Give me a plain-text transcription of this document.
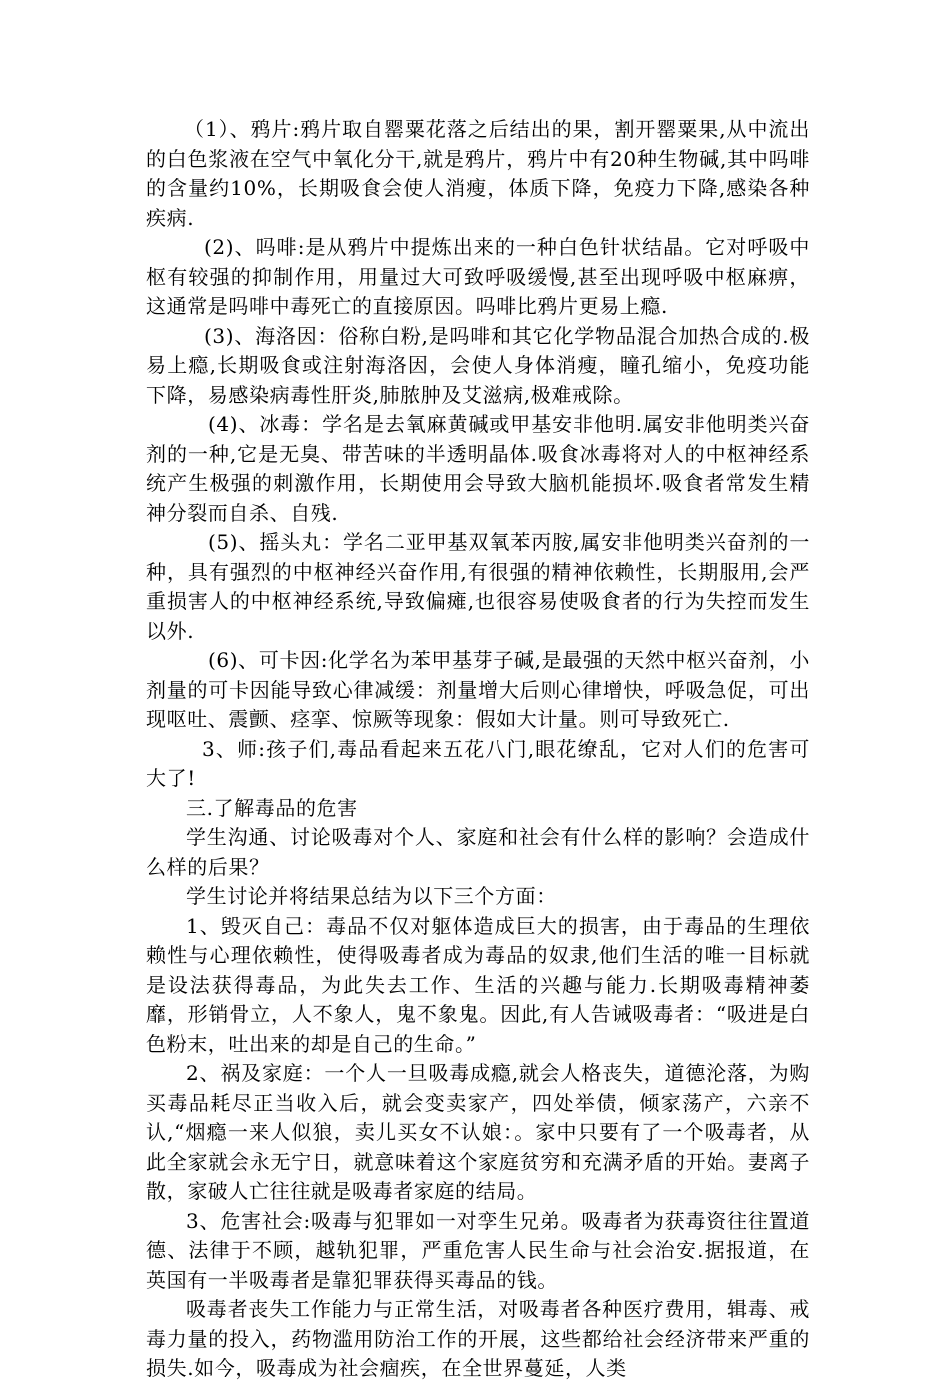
（1）、鸦片:鸦片取自罂粟花落之后结出的果，割开罂粟果,从中流出的白色浆液在空气中氧化分干,就是鸦片，鸦片中有20种生物碱,其中吗啡的含量约10%，长期吸食会使人消瘦，体质下降，免疫力下降,感染各种疾病.

(2)、吗啡:是从鸦片中提炼出来的一种白色针状结晶。它对呼吸中枢有较强的抑制作用，用量过大可致呼吸缓慢,甚至出现呼吸中枢麻痹，这通常是吗啡中毒死亡的直接原因。吗啡比鸦片更易上瘾.

(3)、海洛因：俗称白粉,是吗啡和其它化学物品混合加热合成的.极易上瘾,长期吸食或注射海洛因，会使人身体消瘦，瞳孔缩小，免疫功能下降，易感染病毒性肝炎,肺脓肿及艾滋病,极难戒除。

(4)、冰毒：学名是去氧麻黄碱或甲基安非他明.属安非他明类兴奋剂的一种,它是无臭、带苦味的半透明晶体.吸食冰毒将对人的中枢神经系统产生极强的刺激作用，长期使用会导致大脑机能损坏.吸食者常发生精神分裂而自杀、自残.

(5)、摇头丸：学名二亚甲基双氧苯丙胺,属安非他明类兴奋剂的一种，具有强烈的中枢神经兴奋作用,有很强的精神依赖性，长期服用,会严重损害人的中枢神经系统,导致偏瘫,也很容易使吸食者的行为失控而发生以外.

(6)、可卡因:化学名为苯甲基芽子碱,是最强的天然中枢兴奋剂，小剂量的可卡因能导致心律减缓：剂量增大后则心律增快，呼吸急促，可出现呕吐、震颤、痉挛、惊厥等现象：假如大计量。则可导致死亡.

3、师:孩子们,毒品看起来五花八门,眼花缭乱，它对人们的危害可大了!

三.了解毒品的危害

学生沟通、讨论吸毒对个人、家庭和社会有什么样的影响？会造成什么样的后果？

学生讨论并将结果总结为以下三个方面：

1、毁灭自己：毒品不仅对躯体造成巨大的损害，由于毒品的生理依赖性与心理依赖性，使得吸毒者成为毒品的奴隶,他们生活的唯一目标就是设法获得毒品，为此失去工作、生活的兴趣与能力.长期吸毒精神萎靡，形销骨立，人不象人，鬼不象鬼。因此,有人告诫吸毒者：“吸进是白色粉末，吐出来的却是自己的生命。”

2、祸及家庭：一个人一旦吸毒成瘾,就会人格丧失，道德沦落，为购买毒品耗尽正当收入后，就会变卖家产，四处举债，倾家荡产，六亲不认,“烟瘾一来人似狼，卖儿买女不认娘：。家中只要有了一个吸毒者，从此全家就会永无宁日，就意味着这个家庭贫穷和充满矛盾的开始。妻离子散，家破人亡往往就是吸毒者家庭的结局。

3、危害社会:吸毒与犯罪如一对孪生兄弟。吸毒者为获毒资往往置道德、法律于不顾，越轨犯罪，严重危害人民生命与社会治安.据报道，在英国有一半吸毒者是靠犯罪获得买毒品的钱。

吸毒者丧失工作能力与正常生活，对吸毒者各种医疗费用，辑毒、戒毒力量的投入，药物滥用防治工作的开展，这些都给社会经济带来严重的损失.如今，吸毒成为社会痼疾，在全世界蔓延，人类
